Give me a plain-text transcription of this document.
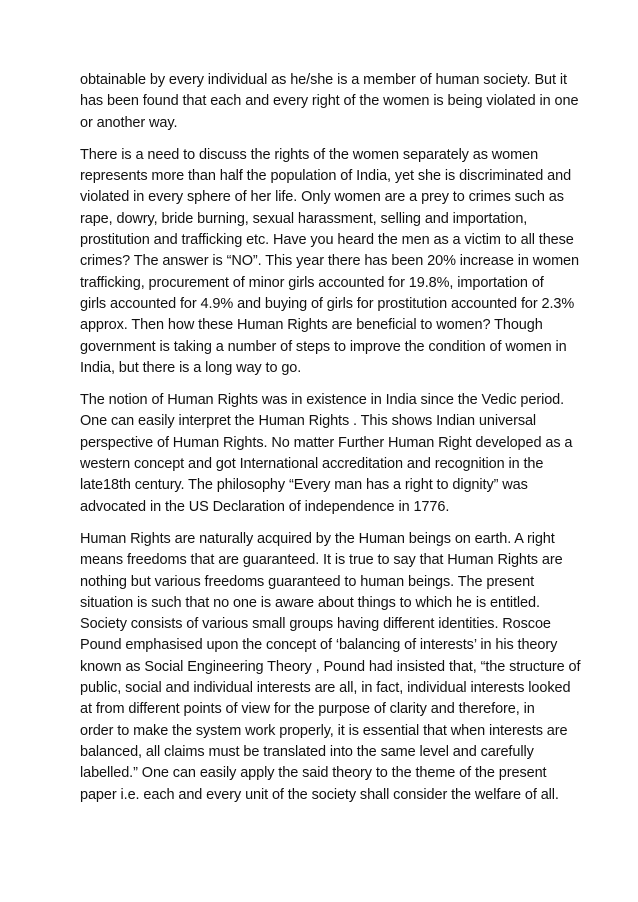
obtainable by every individual as he/she is a member of human society. But it
has been found that each and every right of the women is being violated in one
or another way.

There is a need to discuss the rights of the women separately as women
represents more than half the population of India, yet she is discriminated and
violated in every sphere of her life. Only women are a prey to crimes such as
rape, dowry, bride burning, sexual harassment, selling and importation,
prostitution and trafficking etc. Have you heard the men as a victim to all these
crimes? The answer is “NO”. This year there has been 20% increase in women
trafficking, procurement of minor girls accounted for 19.8%, importation of
girls accounted for 4.9% and buying of girls for prostitution accounted for 2.3%
approx. Then how these Human Rights are beneficial to women? Though
government is taking a number of steps to improve the condition of women in
India, but there is a long way to go.

The notion of Human Rights was in existence in India since the Vedic period.
One can easily interpret the Human Rights . This shows Indian universal
perspective of Human Rights. No matter Further Human Right developed as a
western concept and got International accreditation and recognition in the
late18th century. The philosophy “Every man has a right to dignity” was
advocated in the US Declaration of independence in 1776.

Human Rights are naturally acquired by the Human beings on earth. A right
means freedoms that are guaranteed. It is true to say that Human Rights are
nothing but various freedoms guaranteed to human beings. The present
situation is such that no one is aware about things to which he is entitled.
Society consists of various small groups having different identities. Roscoe
Pound emphasised upon the concept of ‘balancing of interests’ in his theory
known as Social Engineering Theory , Pound had insisted that, “the structure of
public, social and individual interests are all, in fact, individual interests looked
at from different points of view for the purpose of clarity and therefore, in
order to make the system work properly, it is essential that when interests are
balanced, all claims must be translated into the same level and carefully
labelled.” One can easily apply the said theory to the theme of the present
paper i.e. each and every unit of the society shall consider the welfare of all.
